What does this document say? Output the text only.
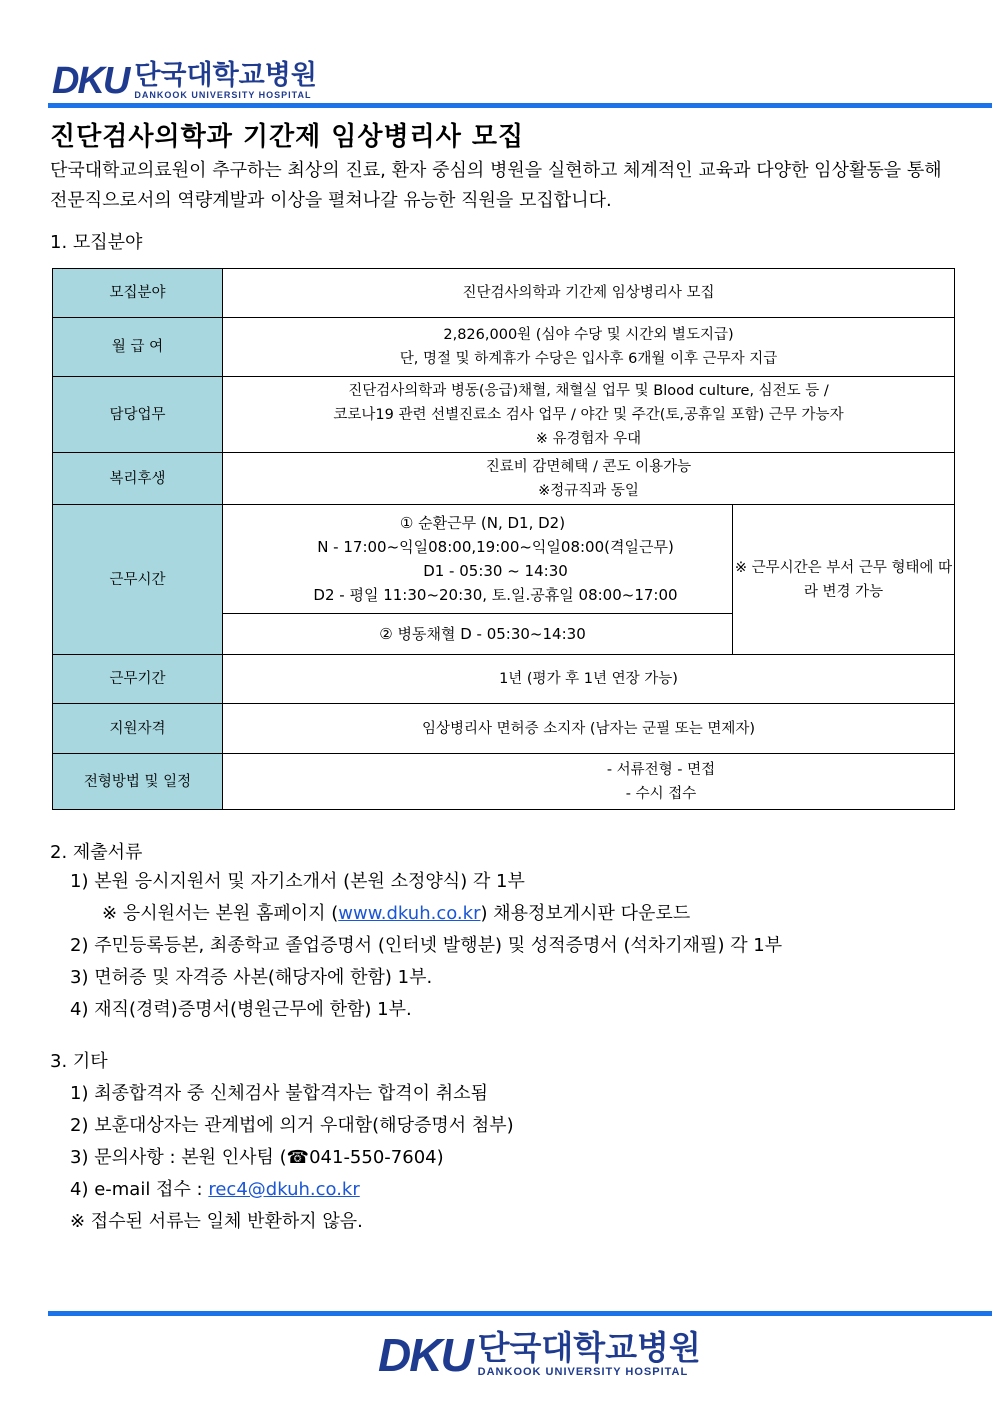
DKU 단국대학교병원
DANKOOK UNIVERSITY HOSPITAL
진단검사의학과 기간제 임상병리사 모집

단국대학교의료원이 추구하는 최상의 진료, 환자 중심의 병원을 실현하고 체계적인 교육과 다양한 임상활동을 통해 전문직으로서의 역량계발과 이상을 펼쳐나갈 유능한 직원을 모집합니다.

1. 모집분야
모집분야	진단검사의학과 기간제 임상병리사 모집	
월 급 여	2,826,000원 (심야 수당 및 시간외 별도지급)
단, 명절 및 하계휴가 수당은 입사후 6개월 이후 근무자 지급	

담당업무	진단검사의학과 병동(응급)채혈, 채혈실 업무 및 Blood culture, 심전도 등 /
코로나19 관련 선별진료소 검사 업무 / 야간 및 주간(토,공휴일 포함) 근무 가능자
※ 유경험자 우대	

복리후생	진료비 감면혜택 / 콘도 이용가능
※정규직과 동일	

근무시간	① 순환근무 (N, D1, D2)
N - 17:00~익일08:00,19:00~익일08:00(격일근무)
D1 - 05:30 ~ 14:30
D2 - 평일 11:30~20:30, 토.일.공휴일 08:00~17:00	※ 근무시간은 부서 근무 형태에 따라 변경 가능
	② 병동채혈 D - 05:30~14:30	
근무기간	1년 (평가 후 1년 연장 가능)	
지원자격	임상병리사 면허증 소지자 (남자는 군필 또는 면제자)	
전형방법 및 일정	- 서류전형 - 면접
- 수시 접수	
2. 제출서류
1) 본원 응시지원서 및 자기소개서 (본원 소정양식) 각 1부
※ 응시원서는 본원 홈페이지 (www.dkuh.co.kr) 채용정보게시판 다운로드
2) 주민등록등본, 최종학교 졸업증명서 (인터넷 발행분) 및 성적증명서 (석차기재필) 각 1부
3) 면허증 및 자격증 사본(해당자에 한함) 1부.
4) 재직(경력)증명서(병원근무에 한함) 1부.
3. 기타
1) 최종합격자 중 신체검사 불합격자는 합격이 취소됨
2) 보훈대상자는 관계법에 의거 우대함(해당증명서 첨부)
3) 문의사항 : 본원 인사팀 (☎041-550-7604)
4) e-mail 접수 : rec4@dkuh.co.kr
※ 접수된 서류는 일체 반환하지 않음.
DKU 단국대학교병원
DANKOOK UNIVERSITY HOSPITAL
